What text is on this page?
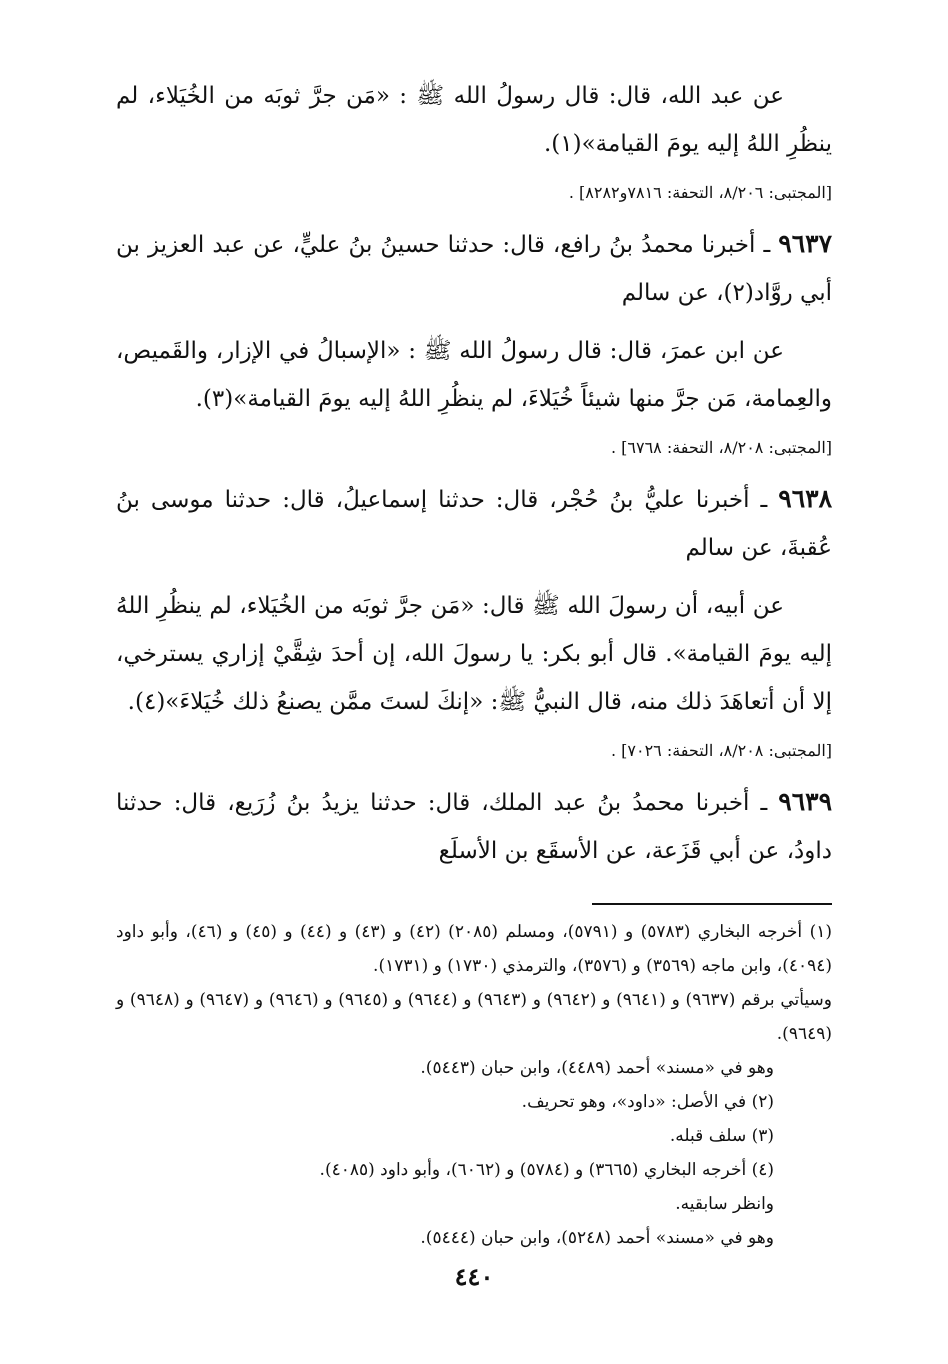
عن عبد الله، قال: قال رسولُ الله ﷺ : «مَن جرَّ ثوبَه من الخُيَلاء، لم ينظُرِ اللهُ إليه يومَ القيامة»(١).

[المجتبى: ٨/٢٠٦، التحفة: ٧٨١٦و٨٢٨٢] .

٩٦٣٧ ـ أخبرنا محمدُ بنُ رافع، قال: حدثنا حسينُ بنُ عليٍّ، عن عبد العزيز بن أبي روَّاد(٢)، عن سالم

عن ابن عمرَ، قال: قال رسولُ الله ﷺ : «الإسبالُ في الإزار، والقَميص، والعِمامة، مَن جرَّ منها شيئاً خُيَلاءَ، لم ينظُرِ اللهُ إليه يومَ القيامة»(٣).

[المجتبى: ٨/٢٠٨، التحفة: ٦٧٦٨] .

٩٦٣٨ ـ أخبرنا عليُّ بنُ حُجْر، قال: حدثنا إسماعيلُ، قال: حدثنا موسى بنُ عُقبةَ، عن سالم

عن أبيه، أن رسولَ الله ﷺ قال: «مَن جرَّ ثوبَه من الخُيَلاء، لم ينظُرِ اللهُ إليه يومَ القيامة». قال أبو بكر: يا رسولَ الله، إن أحدَ شِقَّيْ إزاري يسترخي، إلا أن أتعاهَدَ ذلك منه، قال النبيُّ ﷺ: «إنكَ لستَ ممَّن يصنعُ ذلك خُيَلاءَ»(٤).

[المجتبى: ٨/٢٠٨، التحفة: ٧٠٢٦] .

٩٦٣٩ ـ أخبرنا محمدُ بنُ عبد الملك، قال: حدثنا يزيدُ بنُ زُرَيع، قال: حدثنا داودُ، عن أبي قَزَعة، عن الأسقَع بن الأسلَع

(١) أخرجه البخاري (٥٧٨٣) و (٥٧٩١)، ومسلم (٢٠٨٥) (٤٢) و (٤٣) و (٤٤) و (٤٥) و (٤٦)، وأبو داود (٤٠٩٤)، وابن ماجه (٣٥٦٩) و (٣٥٧٦)، والترمذي (١٧٣٠) و (١٧٣١).

وسيأتي برقم (٩٦٣٧) و (٩٦٤١) و (٩٦٤٢) و (٩٦٤٣) و (٩٦٤٤) و (٩٦٤٥) و (٩٦٤٦) و (٩٦٤٧) و (٩٦٤٨) و (٩٦٤٩).

وهو في «مسند» أحمد (٤٤٨٩)، وابن حبان (٥٤٤٣).

(٢) في الأصل: «داود»، وهو تحريف.

(٣) سلف قبله.

(٤) أخرجه البخاري (٣٦٦٥) و (٥٧٨٤) و (٦٠٦٢)، وأبو داود (٤٠٨٥).

وانظر سابقيه.

وهو في «مسند» أحمد (٥٢٤٨)، وابن حبان (٥٤٤٤).

٤٤٠
